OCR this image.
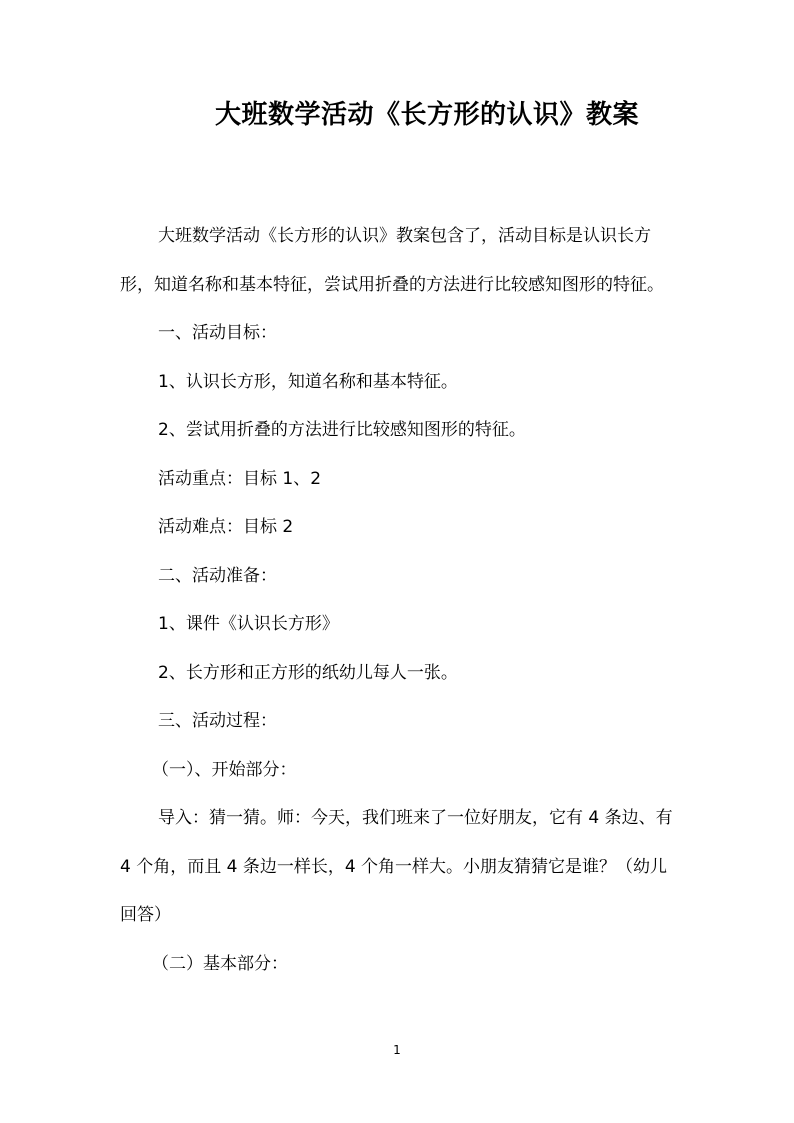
大班数学活动《长方形的认识》教案

大班数学活动《长方形的认识》教案包含了，活动目标是认识长方形，知道名称和基本特征，尝试用折叠的方法进行比较感知图形的特征。

一、活动目标：

1、认识长方形，知道名称和基本特征。

2、尝试用折叠的方法进行比较感知图形的特征。

活动重点：目标 1、2

活动难点：目标 2

二、活动准备：

1、课件《认识长方形》

2、长方形和正方形的纸幼儿每人一张。

三、活动过程：

（一）、开始部分：

导入：猜一猜。师：今天，我们班来了一位好朋友，它有 4 条边、有 4 个角，而且 4 条边一样长，4 个角一样大。小朋友猜猜它是谁？（幼儿回答）

（二）基本部分：

1
